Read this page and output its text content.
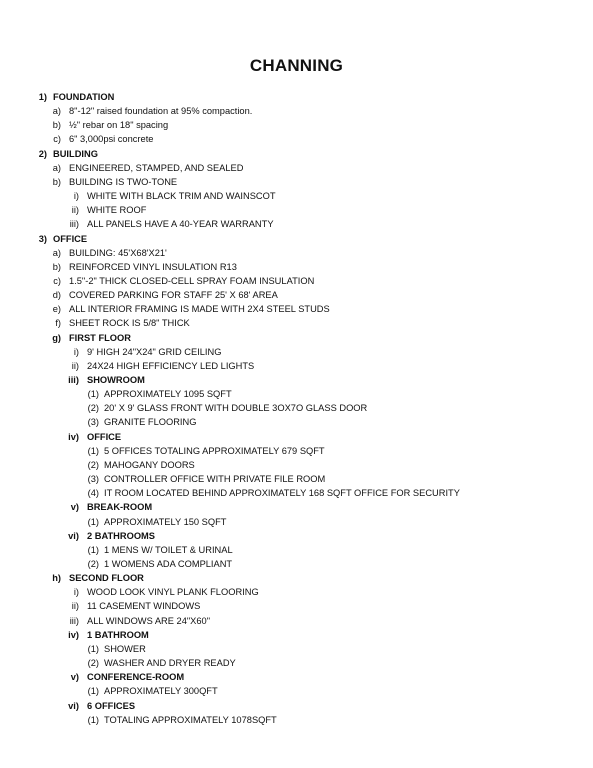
CHANNING
1) FOUNDATION
a) 8"-12" raised foundation at 95% compaction.
b) ½" rebar on 18" spacing
c) 6" 3,000psi concrete
2) BUILDING
a) ENGINEERED, STAMPED, AND SEALED
b) BUILDING IS TWO-TONE
i) WHITE WITH BLACK TRIM AND WAINSCOT
ii) WHITE ROOF
iii) ALL PANELS HAVE A 40-YEAR WARRANTY
3) OFFICE
a) BUILDING: 45'X68'X21'
b) REINFORCED VINYL INSULATION R13
c) 1.5"-2" THICK CLOSED-CELL SPRAY FOAM INSULATION
d) COVERED PARKING FOR STAFF 25' X 68' AREA
e) ALL INTERIOR FRAMING IS MADE WITH 2X4 STEEL STUDS
f) SHEET ROCK IS 5/8" THICK
g) FIRST FLOOR
i) 9' HIGH 24"X24" GRID CEILING
ii) 24X24 HIGH EFFICIENCY LED LIGHTS
iii) SHOWROOM
(1) APPROXIMATELY 1095 SQFT
(2) 20' X 9' GLASS FRONT WITH DOUBLE 3OX7O GLASS DOOR
(3) GRANITE FLOORING
iv) OFFICE
(1) 5 OFFICES TOTALING APPROXIMATELY 679 SQFT
(2) MAHOGANY DOORS
(3) CONTROLLER OFFICE WITH PRIVATE FILE ROOM
(4) IT ROOM LOCATED BEHIND APPROXIMATELY 168 SQFT OFFICE FOR SECURITY
v) BREAK-ROOM
(1) APPROXIMATELY 150 SQFT
vi) 2 BATHROOMS
(1) 1 MENS W/ TOILET & URINAL
(2) 1 WOMENS ADA COMPLIANT
h) SECOND FLOOR
i) WOOD LOOK VINYL PLANK FLOORING
ii) 11 CASEMENT WINDOWS
iii) ALL WINDOWS ARE 24"X60"
iv) 1 BATHROOM
(1) SHOWER
(2) WASHER AND DRYER READY
v) CONFERENCE-ROOM
(1) APPROXIMATELY 300QFT
vi) 6 OFFICES
(1) TOTALING APPROXIMATELY 1078SQFT
